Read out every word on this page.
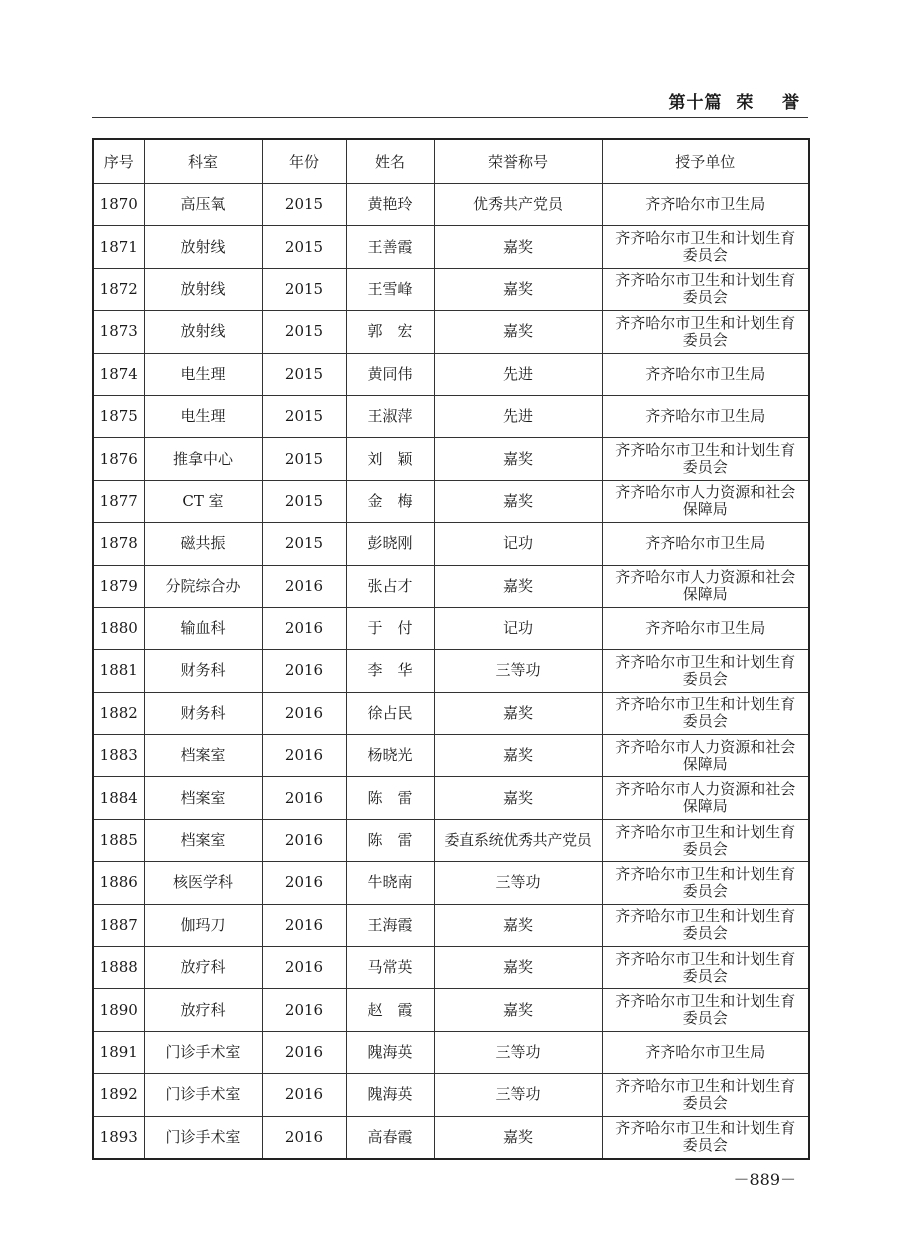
第十篇  荣    誉
序号	科室	年份	姓名	荣誉称号	授予单位
1870	高压氧	2015	黄艳玲	优秀共产党员	齐齐哈尔市卫生局
1871	放射线	2015	王善霞	嘉奖	齐齐哈尔市卫生和计划生育
委员会
1872	放射线	2015	王雪峰	嘉奖	齐齐哈尔市卫生和计划生育
委员会
1873	放射线	2015	郭　宏	嘉奖	齐齐哈尔市卫生和计划生育
委员会
1874	电生理	2015	黄同伟	先进	齐齐哈尔市卫生局
1875	电生理	2015	王淑萍	先进	齐齐哈尔市卫生局
1876	推拿中心	2015	刘　颖	嘉奖	齐齐哈尔市卫生和计划生育
委员会
1877	CT 室	2015	金　梅	嘉奖	齐齐哈尔市人力资源和社会
保障局
1878	磁共振	2015	彭晓刚	记功	齐齐哈尔市卫生局
1879	分院综合办	2016	张占才	嘉奖	齐齐哈尔市人力资源和社会
保障局
1880	输血科	2016	于　付	记功	齐齐哈尔市卫生局
1881	财务科	2016	李　华	三等功	齐齐哈尔市卫生和计划生育
委员会
1882	财务科	2016	徐占民	嘉奖	齐齐哈尔市卫生和计划生育
委员会
1883	档案室	2016	杨晓光	嘉奖	齐齐哈尔市人力资源和社会
保障局
1884	档案室	2016	陈　雷	嘉奖	齐齐哈尔市人力资源和社会
保障局
1885	档案室	2016	陈　雷	委直系统优秀共产党员	齐齐哈尔市卫生和计划生育
委员会
1886	核医学科	2016	牛晓南	三等功	齐齐哈尔市卫生和计划生育
委员会
1887	伽玛刀	2016	王海霞	嘉奖	齐齐哈尔市卫生和计划生育
委员会
1888	放疗科	2016	马常英	嘉奖	齐齐哈尔市卫生和计划生育
委员会
1890	放疗科	2016	赵　霞	嘉奖	齐齐哈尔市卫生和计划生育
委员会
1891	门诊手术室	2016	隗海英	三等功	齐齐哈尔市卫生局
1892	门诊手术室	2016	隗海英	三等功	齐齐哈尔市卫生和计划生育
委员会
1893	门诊手术室	2016	高春霞	嘉奖	齐齐哈尔市卫生和计划生育
委员会
－889－
